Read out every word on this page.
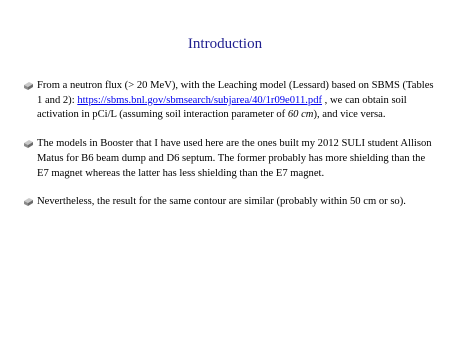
Introduction
From a neutron flux (> 20 MeV), with the Leaching model (Lessard) based on SBMS (Tables 1 and 2): https://sbms.bnl.gov/sbmsearch/subjarea/40/1r09e011.pdf , we can obtain soil activation in pCi/L (assuming soil interaction parameter of 60 cm), and vice versa.
The models in Booster that I have used here are the ones built my 2012 SULI student Allison Matus for B6 beam dump and D6 septum. The former probably has more shielding than the E7 magnet whereas the latter has less shielding than the E7 magnet.
Nevertheless, the result for the same contour are similar (probably within 50 cm or so).
